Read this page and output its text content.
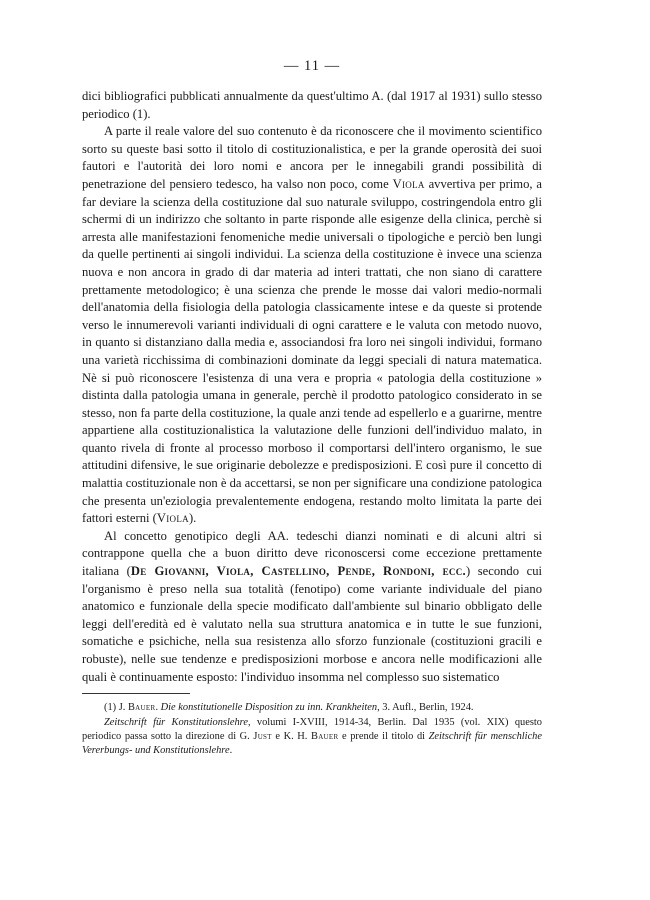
— 11 —

dici bibliografici pubblicati annualmente da quest'ultimo A. (dal 1917 al 1931) sullo stesso periodico (1).

A parte il reale valore del suo contenuto è da riconoscere che il movimento scientifico sorto su queste basi sotto il titolo di costituzionalistica, e per la grande operosità dei suoi fautori e l'autorità dei loro nomi e ancora per le innegabili grandi possibilità di penetrazione del pensiero tedesco, ha valso non poco, come Viola avvertiva per primo, a far deviare la scienza della costituzione dal suo naturale sviluppo, costringendola entro gli schermi di un indirizzo che soltanto in parte risponde alle esigenze della clinica, perchè si arresta alle manifestazioni fenomeniche medie universali o tipologiche e perciò ben lungi da quelle pertinenti ai singoli individui. La scienza della costituzione è invece una scienza nuova e non ancora in grado di dar materia ad interi trattati, che non siano di carattere prettamente metodologico; è una scienza che prende le mosse dai valori medio-normali dell'anatomia della fisiologia della patologia classicamente intese e da queste si protende verso le innumerevoli varianti individuali di ogni carattere e le valuta con metodo nuovo, in quanto si distanziano dalla media e, associandosi fra loro nei singoli individui, formano una varietà ricchissima di combinazioni dominate da leggi speciali di natura matematica. Nè si può riconoscere l'esistenza di una vera e propria « patologia della costituzione » distinta dalla patologia umana in generale, perchè il prodotto patologico considerato in se stesso, non fa parte della costituzione, la quale anzi tende ad espellerlo e a guarirne, mentre appartiene alla costituzionalistica la valutazione delle funzioni dell'individuo malato, in quanto rivela di fronte al processo morboso il comportarsi dell'intero organismo, le sue attitudini difensive, le sue originarie debolezze e predisposizioni. E così pure il concetto di malattia costituzionale non è da accettarsi, se non per significare una condizione patologica che presenta un'eziologia prevalentemente endogena, restando molto limitata la parte dei fattori esterni (Viola).

Al concetto genotipico degli AA. tedeschi dianzi nominati e di alcuni altri si contrappone quella che a buon diritto deve riconoscersi come eccezione prettamente italiana (De Giovanni, Viola, Castellino, Pende, Rondoni, ecc.) secondo cui l'organismo è preso nella sua totalità (fenotipo) come variante individuale del piano anatomico e funzionale della specie modificato dall'ambiente sul binario obbligato delle leggi dell'eredità ed è valutato nella sua struttura anatomica e in tutte le sue funzioni, somatiche e psichiche, nella sua resistenza allo sforzo funzionale (costituzioni gracili e robuste), nelle sue tendenze e predisposizioni morbose e ancora nelle modificazioni alle quali è continuamente esposto: l'individuo insomma nel complesso suo sistematico

(1) J. Bauer. Die konstitutionelle Disposition zu inn. Krankheiten, 3. Aufl., Berlin, 1924.

Zeitschrift für Konstitutionslehre, volumi I-XVIII, 1914-34, Berlin. Dal 1935 (vol. XIX) questo periodico passa sotto la direzione di G. Just e K. H. Bauer e prende il titolo di Zeitschrift für menschliche Vererbungs- und Konstitutionslehre.
